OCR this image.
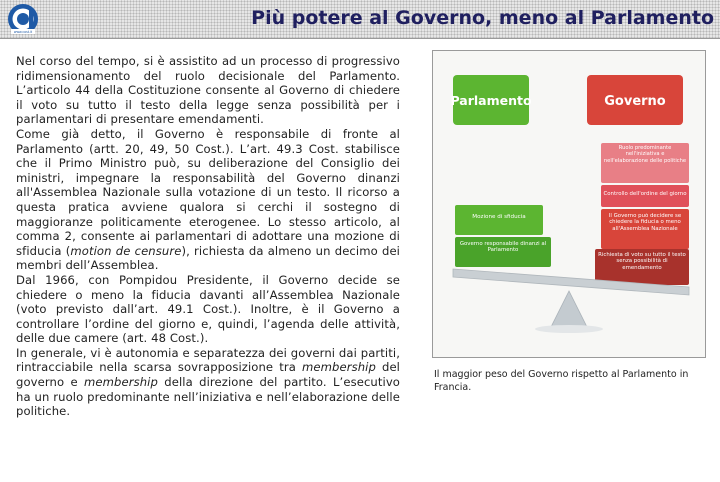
www.cost.it
Più potere al Governo, meno al Parlamento

Nel corso del tempo, si è assistito ad un processo di progressivo ridimensionamento del ruolo decisionale del Parlamento. L’articolo 44 della Costituzione consente al Governo di chiedere il voto su tutto il testo della legge senza possibilità per i parlamentari di presentare emendamenti.

Come già detto, il Governo è responsabile di fronte al Parlamento (artt. 20, 49, 50 Cost.). L’art. 49.3 Cost. stabilisce che il Primo Ministro può, su deliberazione del Consiglio dei ministri, impegnare la responsabilità del Governo dinanzi all'Assemblea Nazionale sulla votazione di un testo. Il ricorso a questa pratica avviene qualora si cerchi il sostegno di maggioranze politicamente eterogenee. Lo stesso articolo, al comma 2, consente ai parlamentari di adottare una mozione di sfiducia (motion de censure), richiesta da almeno un decimo dei membri dell’Assemblea.

Dal 1966, con Pompidou Presidente, il Governo decide se chiedere o meno la fiducia davanti all’Assemblea Nazionale (voto previsto dall’art. 49.1 Cost.). Inoltre, è il Governo a controllare l’ordine del giorno e, quindi, l’agenda delle attività, delle due camere (art. 48 Cost.).

In generale, vi è autonomia e separatezza dei governi dai partiti, rintracciabile nella scarsa sovrapposizione tra membership del governo e membership della direzione del partito. L’esecutivo ha un ruolo predominante nell’iniziativa e nell’elaborazione delle politiche.

Parlamento	Governo
Ruolo predominante nell'iniziativa e nell'elaborazione delle politiche
Controllo dell'ordine del giorno
Il Governo può decidere se chiedere la fiducia o meno all'Assemblea Nazionale
Richiesta di voto su tutto il testo senza possibilità di emendamento
Mozione di sfiducia
Governo responsabile dinanzi al Parlamento
Il maggior peso del Governo rispetto al Parlamento in Francia.
